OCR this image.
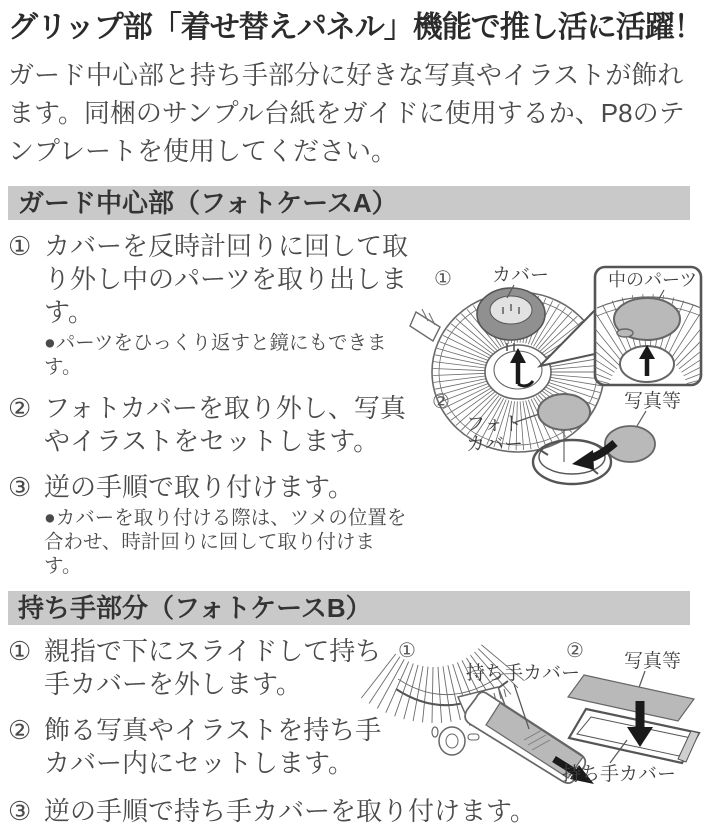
グリップ部「着せ替えパネル」機能で推し活に活躍！
ガード中心部と持ち手部分に好きな写真やイラストが飾れます。同梱のサンプル台紙をガイドに使用するか、P8のテンプレートを使用してください。
ガード中心部（フォトケースA）
① カバーを反時計回りに回して取り外し中のパーツを取り出します。
●パーツをひっくり返すと鏡にもできます。
② フォトカバーを取り外し、写真やイラストをセットします。
③ 逆の手順で取り付けます。
●カバーを取り付ける際は、ツメの位置を合わせ、時計回りに回して取り付けます。
① カバー	中のパーツ
②
フォト
カバー
写真等
持ち手部分（フォトケースB）
① 親指で下にスライドして持ち手カバーを外します。
② 飾る写真やイラストを持ち手カバー内にセットします。
①
持ち手カバー
② 写真等
持ち手カバー
③ 逆の手順で持ち手カバーを取り付けます。
